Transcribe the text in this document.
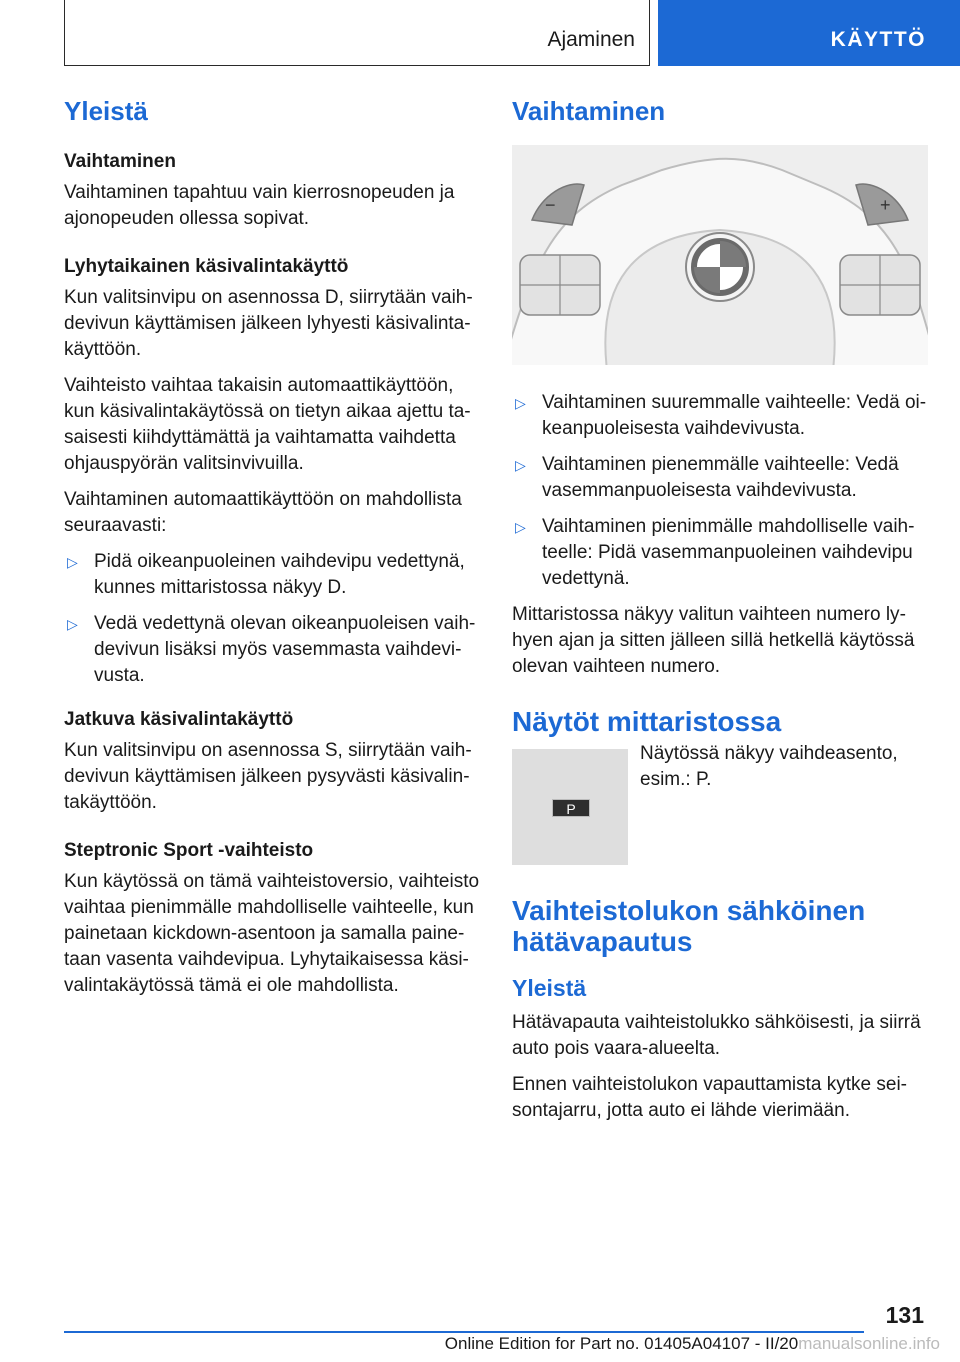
Ajaminen	KÄYTTÖ
Yleistä
Vaihtaminen

Vaihtaminen tapahtuu vain kierrosnopeuden ja ajonopeuden ollessa sopivat.

Lyhytaikainen käsivalintakäyttö

Kun valitsinvipu on asennossa D, siirrytään vaihdevivun käyttämisen jälkeen lyhyesti käsivalintakäyttöön.

Vaihteisto vaihtaa takaisin automaattikäyttöön, kun käsivalintakäytössä on tietyn aikaa ajettu tasaisesti kiihdyttämättä ja vaihtamatta vaihdetta ohjauspyörän valitsinvivuilla.

Vaihtaminen automaattikäyttöön on mahdollista seuraavasti:

▷ Pidä oikeanpuoleinen vaihdevipu vedettynä, kunnes mittaristossa näkyy D.
▷ Vedä vedettynä olevan oikeanpuoleisen vaihdevivun lisäksi myös vasemmasta vaihdevivusta.
Jatkuva käsivalintakäyttö

Kun valitsinvipu on asennossa S, siirrytään vaihdevivun käyttämisen jälkeen pysyvästi käsivalintakäyttöön.

Steptronic Sport -vaihteisto

Kun käytössä on tämä vaihteistoversio, vaihteisto vaihtaa pienimmälle mahdolliselle vaihteelle, kun painetaan kickdown-asentoon ja samalla painetaan vasenta vaihdevipua. Lyhytaikaisessa käsivalintakäytössä tämä ei ole mahdollista.

Vaihtaminen
−	+
▷ Vaihtaminen suuremmalle vaihteelle: Vedä oikeanpuoleisesta vaihdevivusta.
▷ Vaihtaminen pienemmälle vaihteelle: Vedä vasemmanpuoleisesta vaihdevivusta.
▷ Vaihtaminen pienimmälle mahdolliselle vaihteelle: Pidä vasemmanpuoleinen vaihdevipu vedettynä.

Mittaristossa näkyy valitun vaihteen numero lyhyen ajan ja sitten jälleen sillä hetkellä käytössä olevan vaihteen numero.

Näytöt mittaristossa
P

Näytössä näkyy vaihdeasento, esim.: P.

Vaihteistolukon sähköinen hätävapautus
Yleistä

Hätävapauta vaihteistolukko sähköisesti, ja siirrä auto pois vaara-alueelta.

Ennen vaihteistolukon vapauttamista kytke seisontajarru, jotta auto ei lähde vierimään.

131
Online Edition for Part no. 01405A04107 - II/20manualsonline.info
